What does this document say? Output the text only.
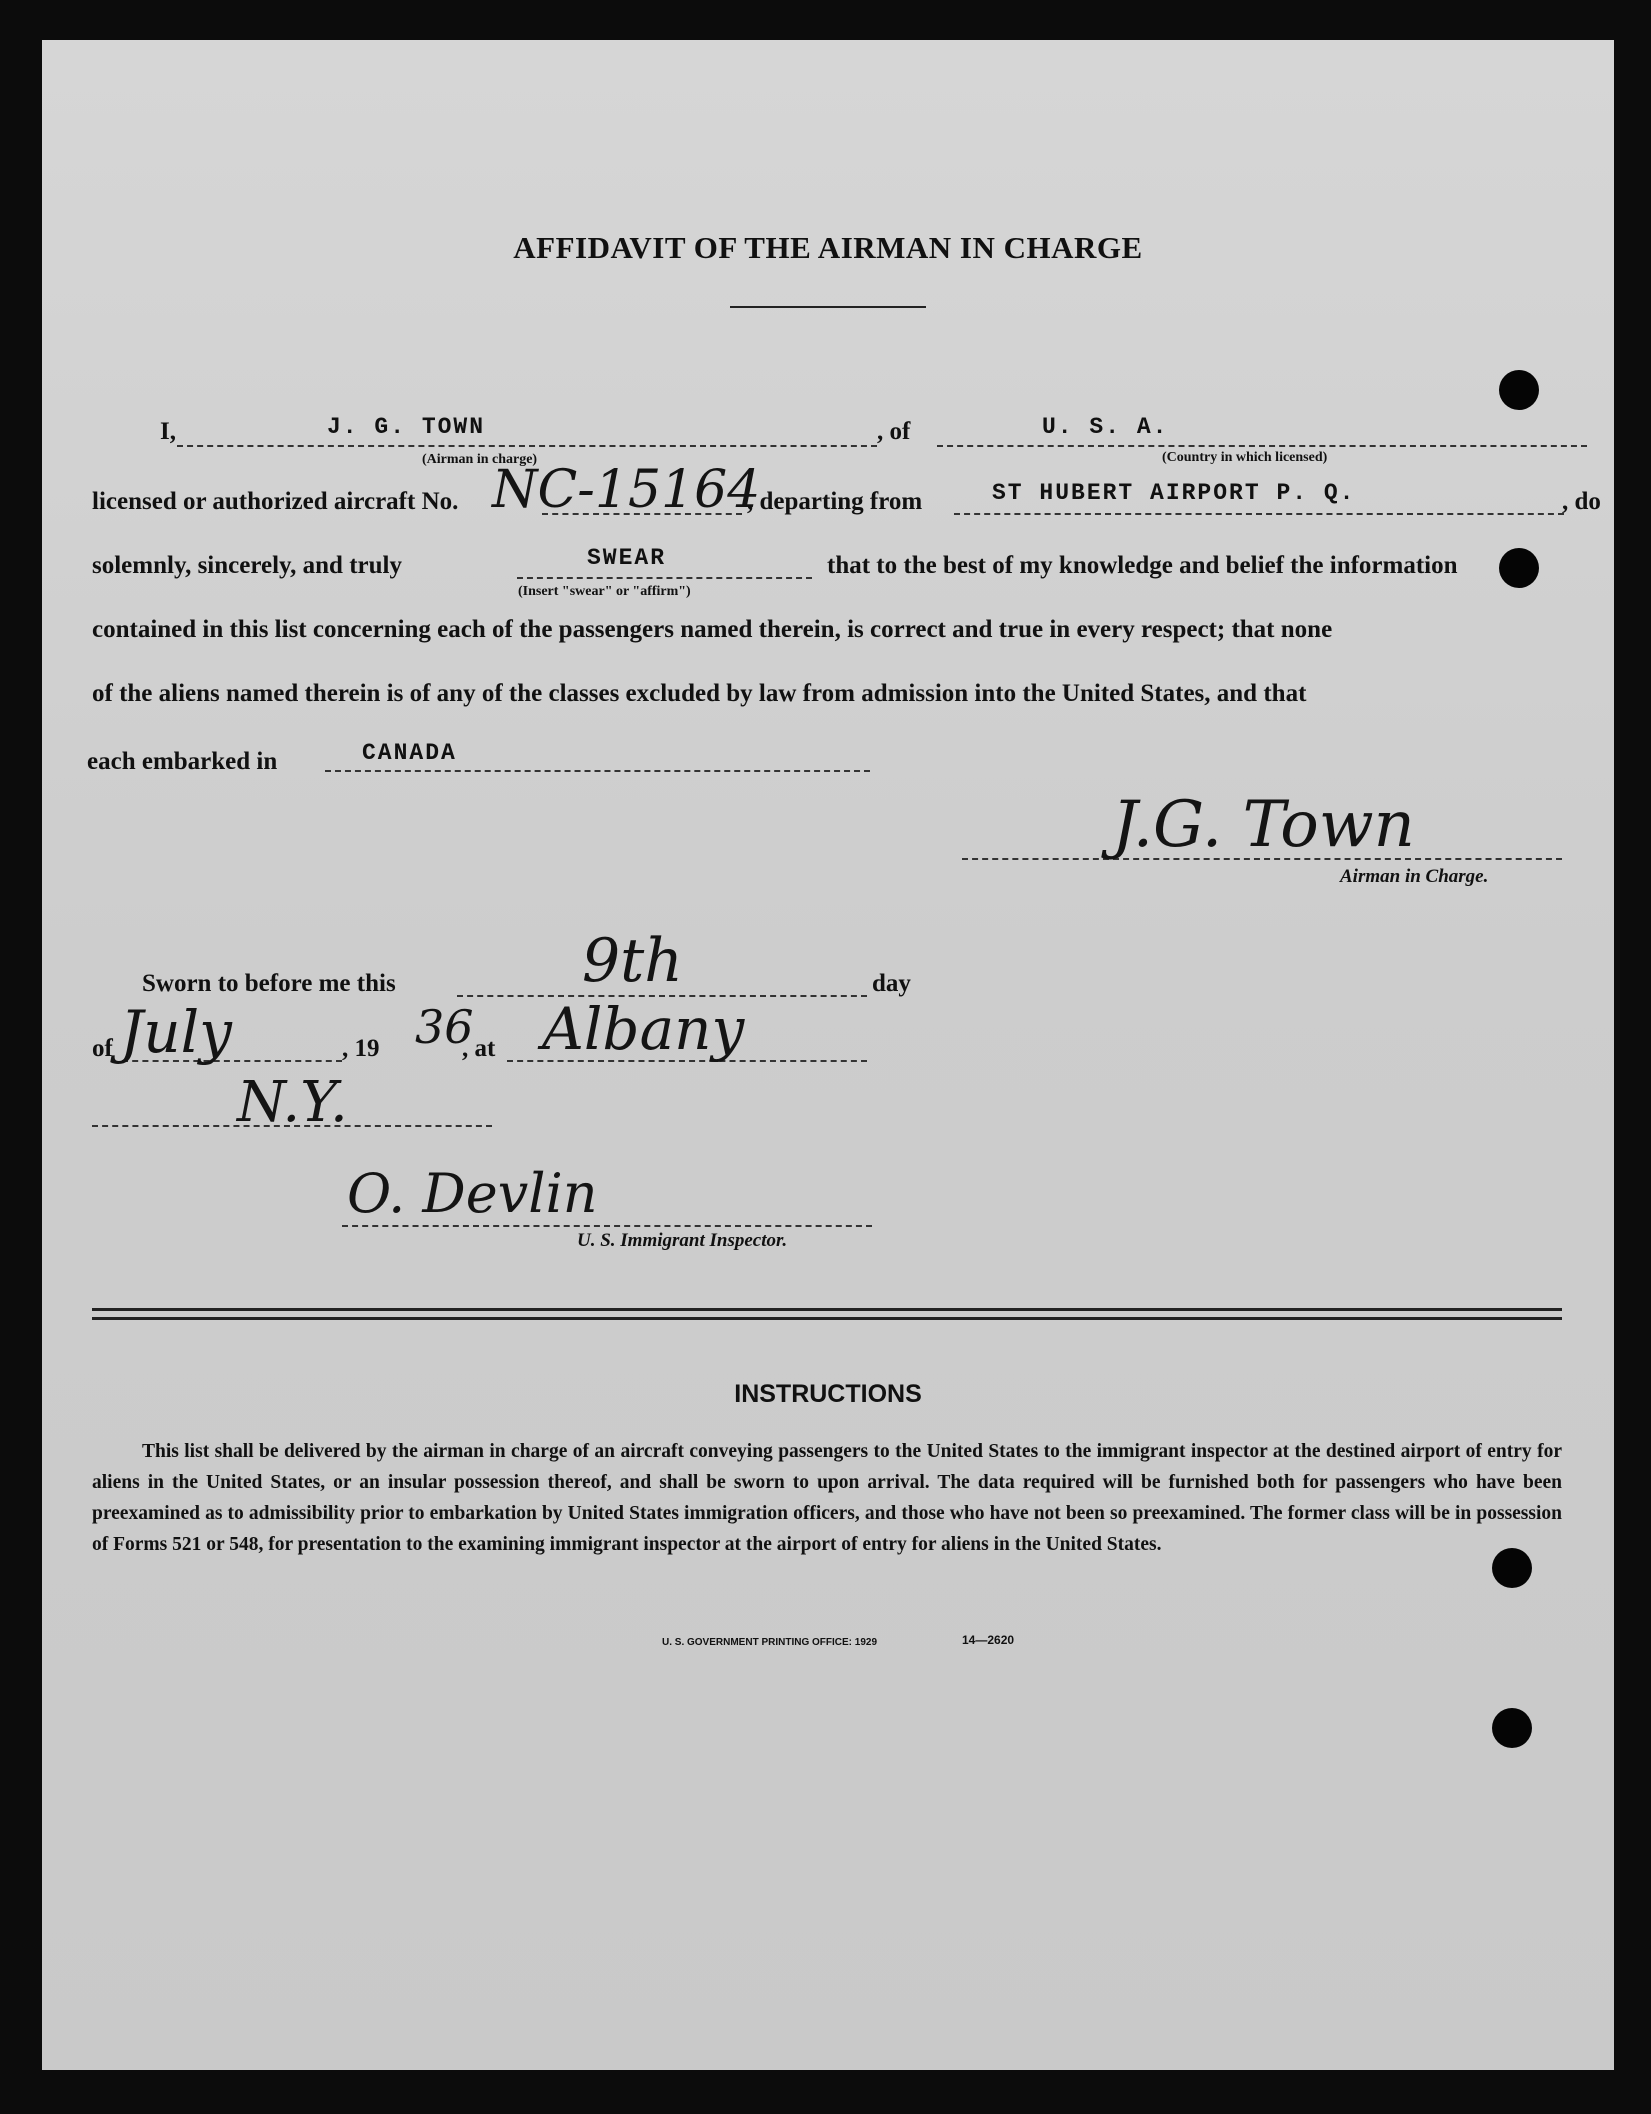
AFFIDAVIT OF THE AIRMAN IN CHARGE
I,	J. G. TOWN
(Airman in charge)
, of	U. S. A.
(Country in which licensed)
licensed or authorized aircraft No. NC-15164
, departing from	ST HUBERT AIRPORT P. Q.	, do
solemnly, sincerely, and truly	SWEAR
(Insert "swear" or "affirm")
that to the best of my knowledge and belief the information
contained in this list concerning each of the passengers named therein, is correct and true in every respect; that none
of the aliens named therein is of any of the classes excluded by law from admission into the United States, and that
each embarked in	CANADA
J.G. Town
Airman in Charge.
Sworn to before me this	9th	day
of July	, 19 36
, at Albany
N.Y.
O. Devlin
U. S. Immigrant Inspector.
INSTRUCTIONS
This list shall be delivered by the airman in charge of an aircraft conveying passengers to the United States to the immigrant inspector at the destined airport of entry for aliens in the United States, or an insular possession thereof, and shall be sworn to upon arrival. The data required will be furnished both for passengers who have been preexamined as to admissibility prior to embarkation by United States immigration officers, and those who have not been so preexamined. The former class will be in possession of Forms 521 or 548, for presentation to the examining immigrant inspector at the airport of entry for aliens in the United States.
U. S. GOVERNMENT PRINTING OFFICE: 1929	14—2620
